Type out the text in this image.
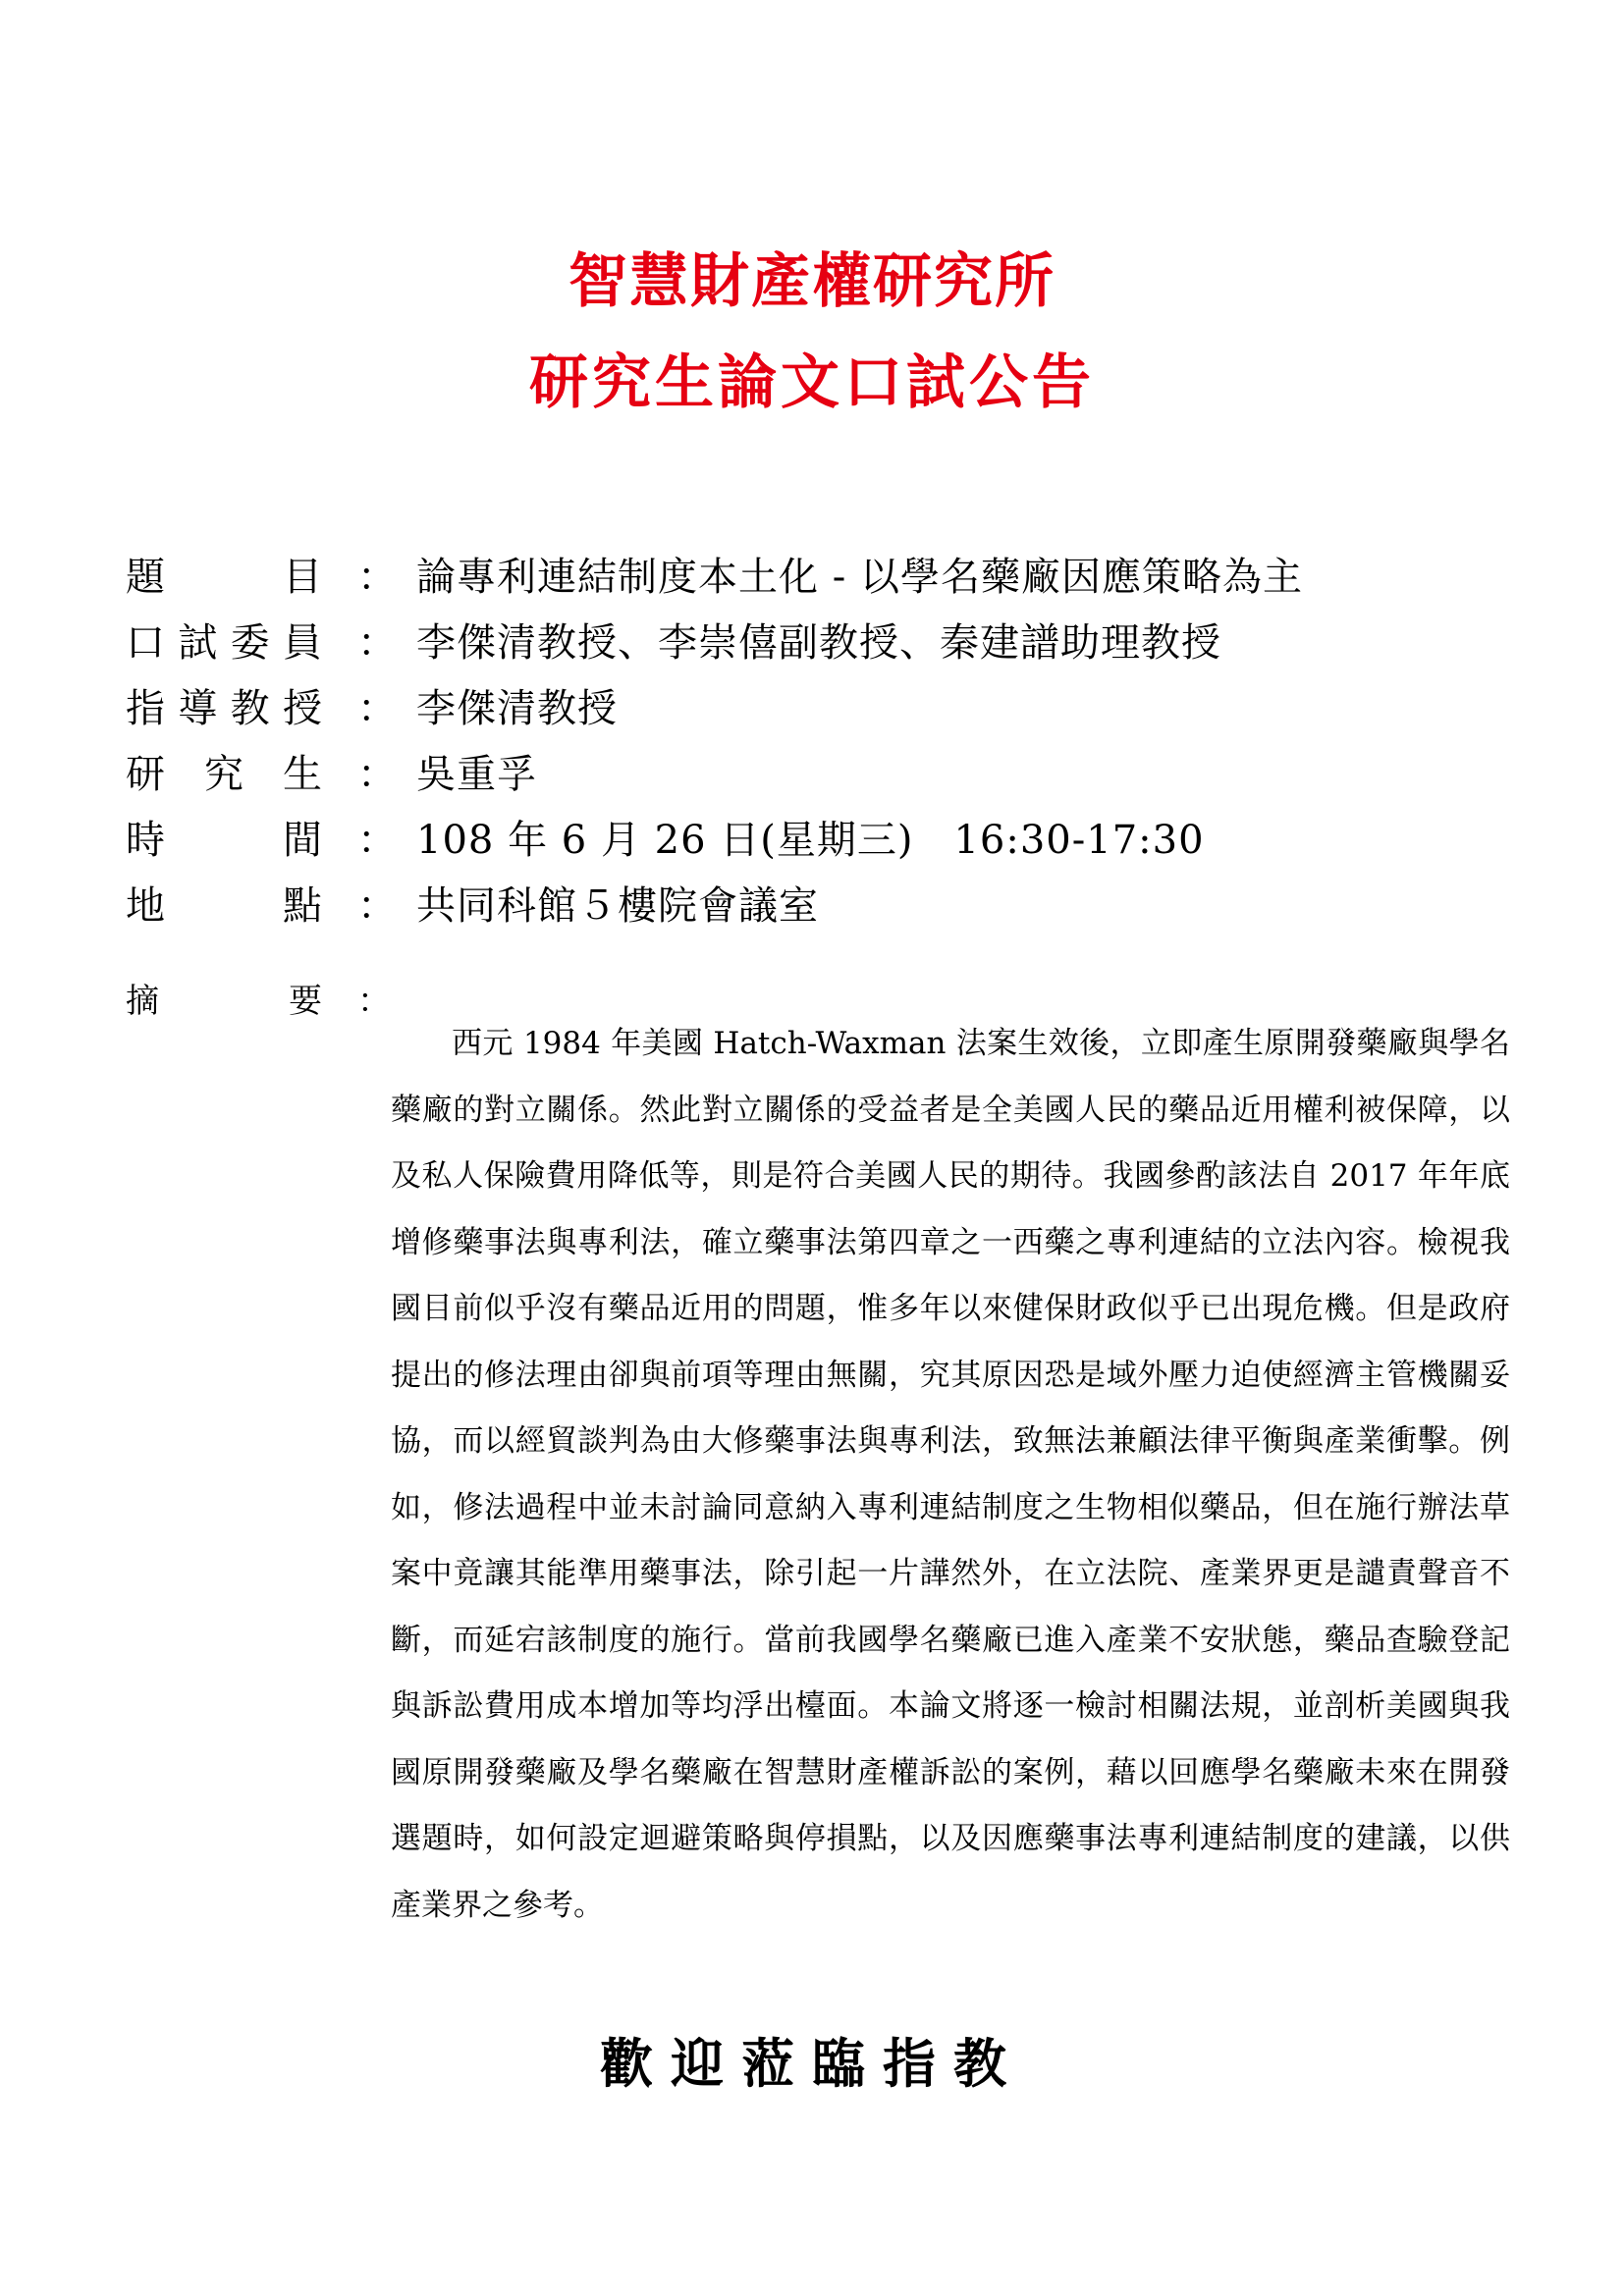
智慧財產權研究所
研究生論文口試公告
題	目 ： 論專利連結制度本土化 - 以學名藥廠因應策略為主
口 試 委 員 ： 李傑清教授、李崇僖副教授、秦建譜助理教授
指 導 教 授 ： 李傑清教授
研 究 生 ： 吳重孚
時	間 ： 108 年 6 月 26 日(星期三)　16:30-17:30
地	點 ： 共同科館５樓院會議室
摘	要 ：

西元 1984 年美國 Hatch-Waxman 法案生效後，立即產生原開發藥廠與學名藥廠的對立關係。然此對立關係的受益者是全美國人民的藥品近用權利被保障，以及私人保險費用降低等，則是符合美國人民的期待。我國參酌該法自 2017 年年底增修藥事法與專利法，確立藥事法第四章之一西藥之專利連結的立法內容。檢視我國目前似乎沒有藥品近用的問題，惟多年以來健保財政似乎已出現危機。但是政府提出的修法理由卻與前項等理由無關，究其原因恐是域外壓力迫使經濟主管機關妥協，而以經貿談判為由大修藥事法與專利法，致無法兼顧法律平衡與產業衝擊。例如，修法過程中並未討論同意納入專利連結制度之生物相似藥品，但在施行辦法草案中竟讓其能準用藥事法，除引起一片譁然外，在立法院、產業界更是譴責聲音不斷，而延宕該制度的施行。當前我國學名藥廠已進入產業不安狀態，藥品查驗登記與訴訟費用成本增加等均浮出檯面。本論文將逐一檢討相關法規，並剖析美國與我國原開發藥廠及學名藥廠在智慧財產權訴訟的案例，藉以回應學名藥廠未來在開發選題時，如何設定迴避策略與停損點，以及因應藥事法專利連結制度的建議，以供產業界之參考。

歡迎蒞臨指教
